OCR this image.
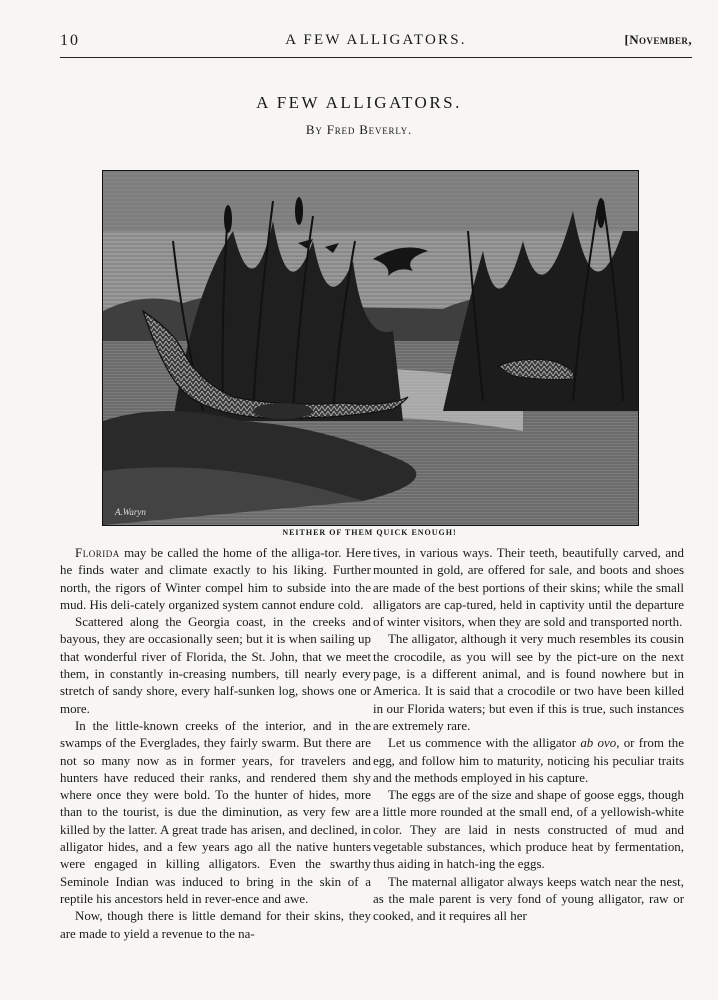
10	A FEW ALLIGATORS.	[November,
A FEW ALLIGATORS.
By Fred Beverly.
A.Waryn
NEITHER OF THEM QUICK ENOUGH!

Florida may be called the home of the alliga-tor. Here he finds water and climate exactly to his liking. Further north, the rigors of Winter compel him to subside into the mud. His deli-cately organized system cannot endure cold.

Scattered along the Georgia coast, in the creeks and bayous, they are occasionally seen; but it is when sailing up that wonderful river of Florida, the St. John, that we meet them, in constantly in-creasing numbers, till nearly every stretch of sandy shore, every half-sunken log, shows one or more.

In the little-known creeks of the interior, and in the swamps of the Everglades, they fairly swarm. But there are not so many now as in former years, for travelers and hunters have reduced their ranks, and rendered them shy where once they were bold. To the hunter of hides, more than to the tourist, is due the diminution, as very few are killed by the latter. A great trade has arisen, and declined, in alligator hides, and a few years ago all the native hunters were engaged in killing alligators. Even the swarthy Seminole Indian was induced to bring in the skin of a reptile his ancestors held in rever-ence and awe.

Now, though there is little demand for their skins, they are made to yield a revenue to the na-

tives, in various ways. Their teeth, beautifully carved, and mounted in gold, are offered for sale, and boots and shoes are made of the best portions of their skins; while the small alligators are cap-tured, held in captivity until the departure of winter visitors, when they are sold and transported north.

The alligator, although it very much resembles its cousin the crocodile, as you will see by the pict-ure on the next page, is a different animal, and is found nowhere but in America. It is said that a crocodile or two have been killed in our Florida waters; but even if this is true, such instances are extremely rare.

Let us commence with the alligator ab ovo, or from the egg, and follow him to maturity, noticing his peculiar traits and the methods employed in his capture.

The eggs are of the size and shape of goose eggs, though a little more rounded at the small end, of a yellowish-white color. They are laid in nests constructed of mud and vegetable substances, which produce heat by fermentation, thus aiding in hatch-ing the eggs.

The maternal alligator always keeps watch near the nest, as the male parent is very fond of young alligator, raw or cooked, and it requires all her
